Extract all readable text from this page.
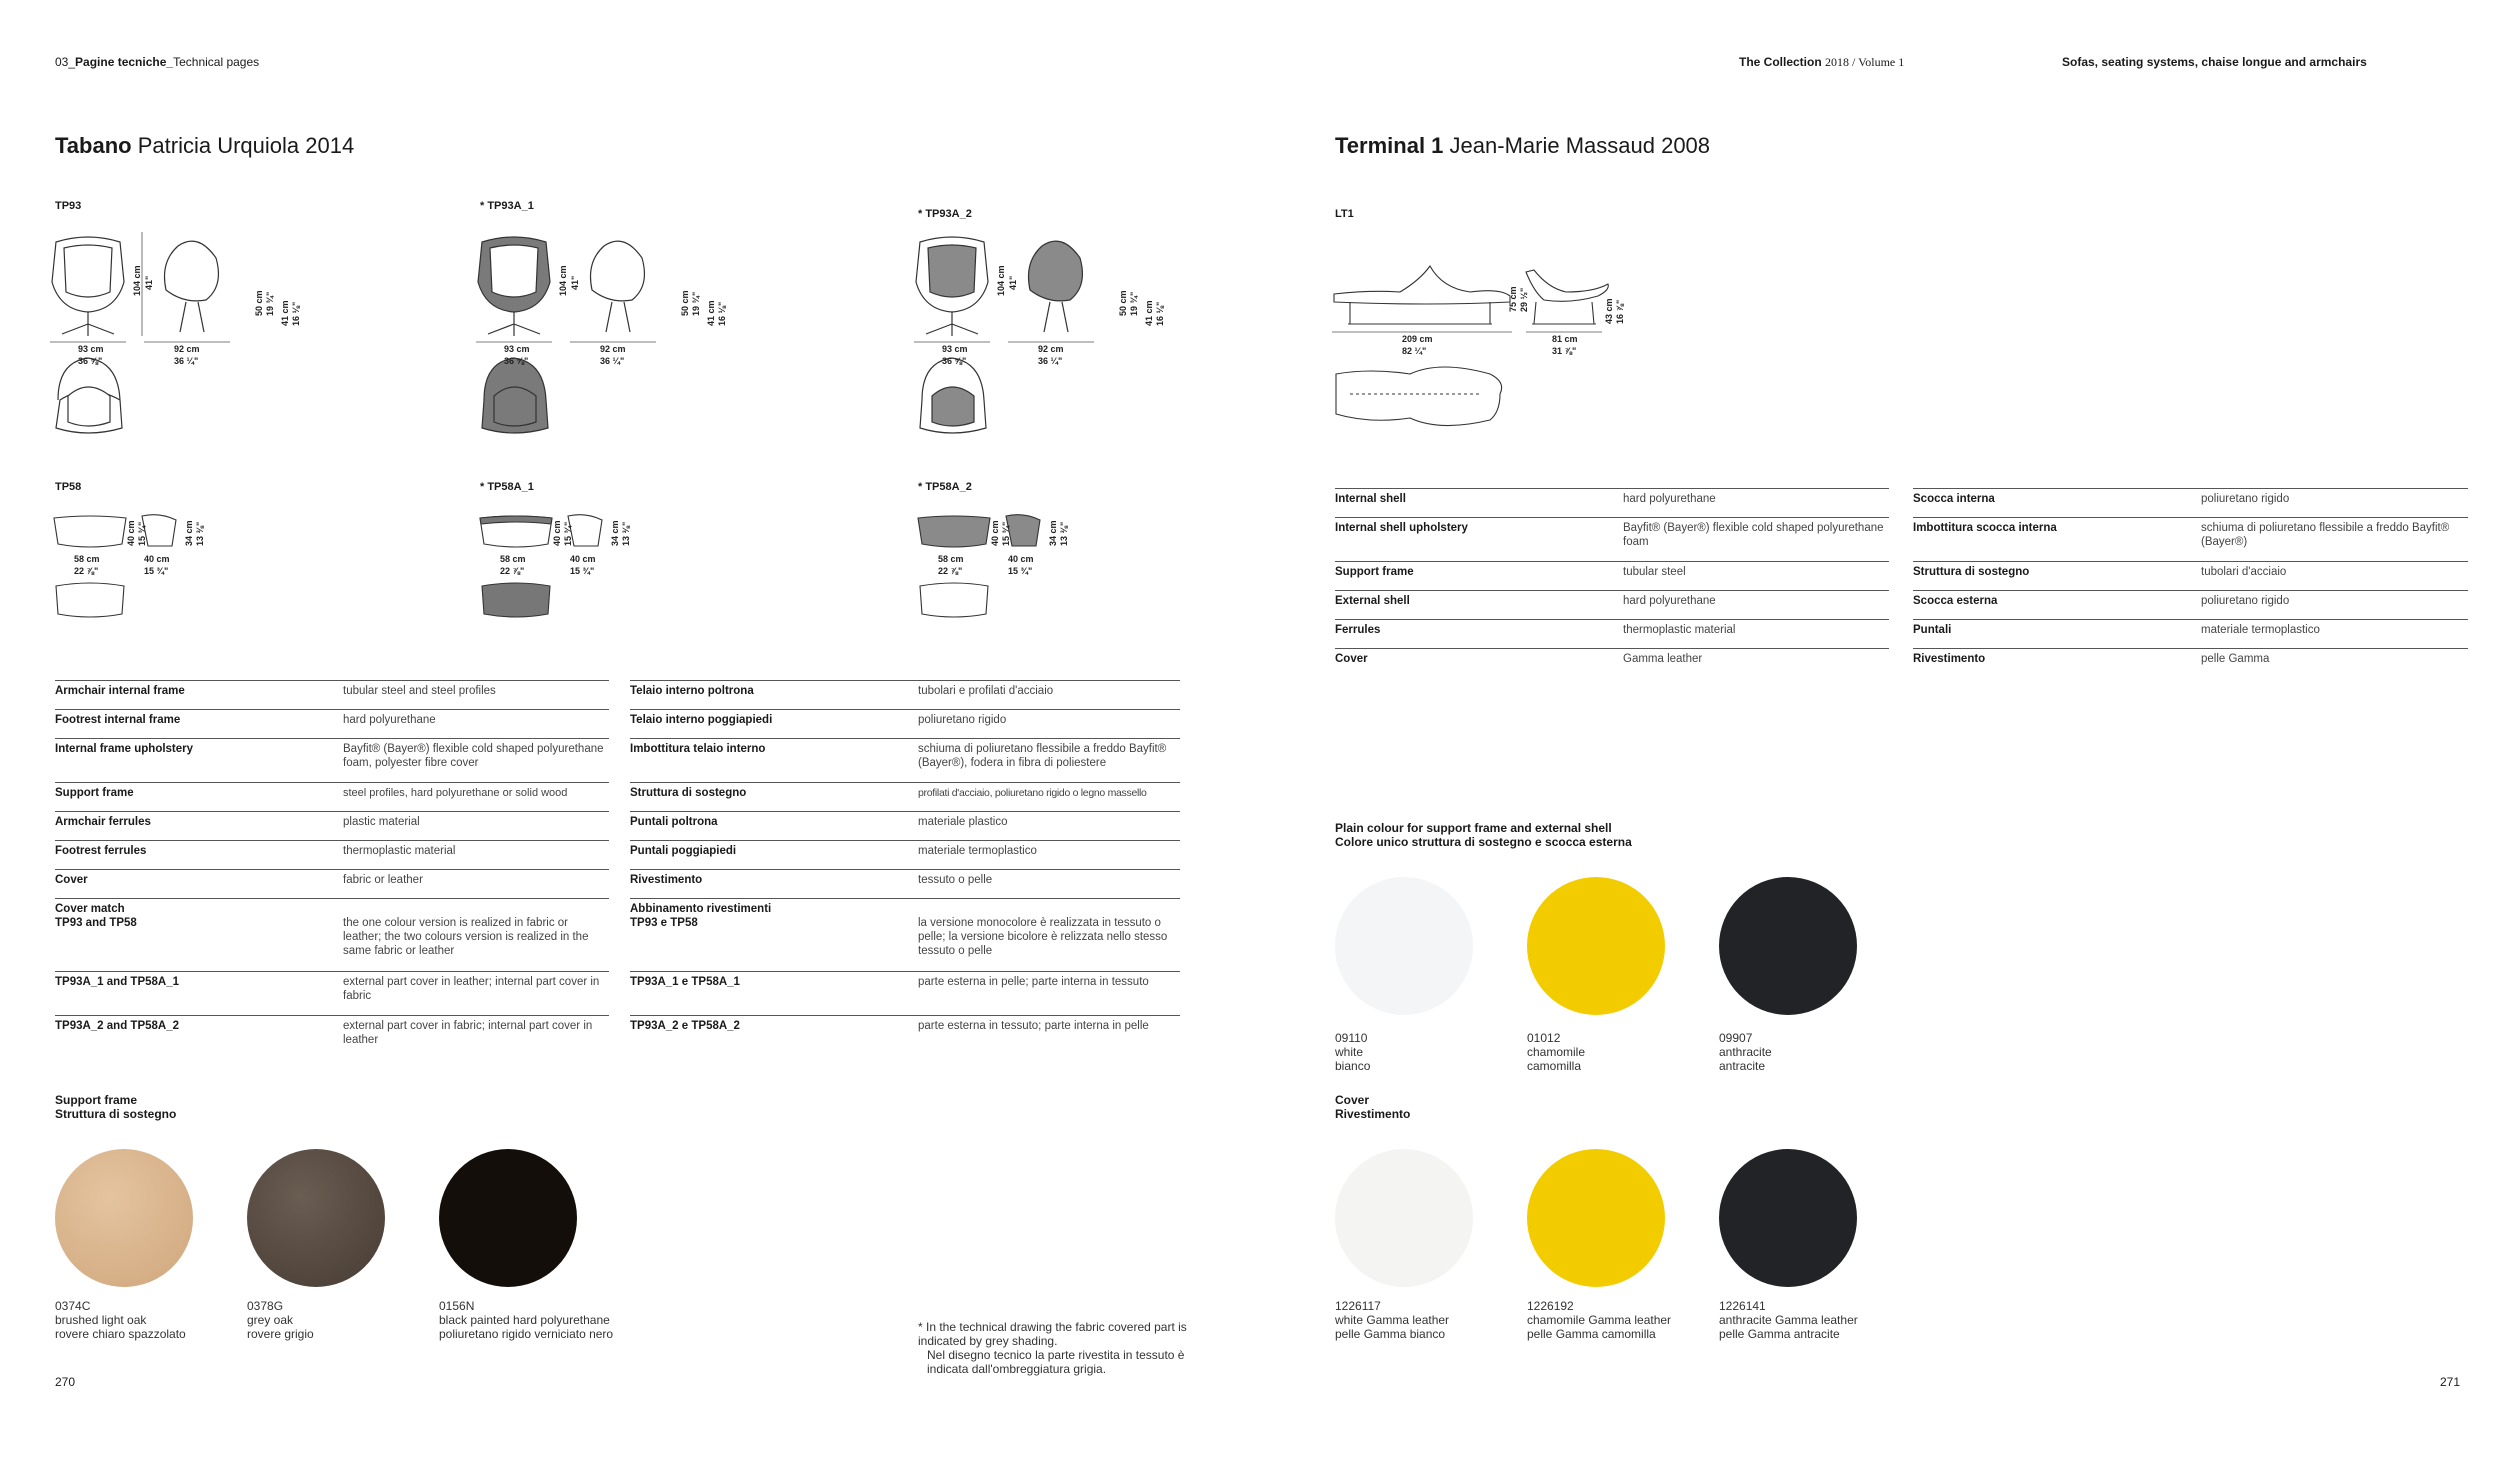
03_Pagine tecniche_Technical pages	The Collection 2018 / Volume 1	Sofas, seating systems, chaise longue and armchairs
Tabano Patricia Urquiola 2014
TP93	* TP93A_1
* TP93A_2
TP58	* TP58A_1	* TP58A_2
93 cm
36 ⅝"
92 cm
36 ¼"
104 cm 41"
50 cm 19 ¾" 41 cm 16 ⅛"
93 cm
36 ⅝"
92 cm
36 ¼"
104 cm 41"
50 cm 19 ¾" 41 cm 16 ⅛"
93 cm
36 ⅝"
92 cm
36 ¼"
104 cm 41"
50 cm 19 ¾" 41 cm 16 ⅛"
58 cm
22 ⅞"
40 cm
15 ¾"
40 cm 15 ¾"	34 cm 13 ⅜"
58 cm
22 ⅞"
40 cm
15 ¾"
40 cm 15 ¾"	34 cm 13 ⅜"
58 cm
22 ⅞"
40 cm
15 ¾"
40 cm 15 ¾"	34 cm 13 ⅜"
Armchair internal frame	tubular steel and steel profiles
Footrest internal frame	hard polyurethane
Internal frame upholstery	Bayfit® (Bayer®) flexible cold shaped polyurethane foam, polyester fibre cover
Support frame	steel profiles, hard polyurethane or solid wood
Armchair ferrules	plastic material
Footrest ferrules	thermoplastic material
Cover	fabric or leather
Cover match
TP93 and TP58	the one colour version is realized in fabric or leather; the two colours version is realized in the same fabric or leather
TP93A_1 and TP58A_1	external part cover in leather; internal part cover in fabric
TP93A_2 and TP58A_2	external part cover in fabric; internal part cover in leather
Telaio interno poltrona	tubolari e profilati d'acciaio
Telaio interno poggiapiedi	poliuretano rigido
Imbottitura telaio interno	schiuma di poliuretano flessibile a freddo Bayfit® (Bayer®), fodera in fibra di poliestere
Struttura di sostegno	profilati d'acciaio, poliuretano rigido o legno massello
Puntali poltrona	materiale plastico
Puntali poggiapiedi	materiale termoplastico
Rivestimento	tessuto o pelle
Abbinamento rivestimenti
TP93 e TP58	la versione monocolore è realizzata in tessuto o pelle; la versione bicolore è relizzata nello stesso tessuto o pelle
TP93A_1 e TP58A_1	parte esterna in pelle; parte interna in tessuto
TP93A_2 e TP58A_2	parte esterna in tessuto; parte interna in pelle
Support frame
Struttura di sostegno
0374C
brushed light oak
rovere chiaro spazzolato
0378G
grey oak
rovere grigio
0156N
black painted hard polyurethane
poliuretano rigido verniciato nero	* In the technical drawing the fabric covered part is indicated by grey shading.
Nel disegno tecnico la parte rivestita in tessuto è indicata dall'ombreggiatura grigia.
270
Terminal 1 Jean-Marie Massaud 2008
LT1
209 cm
82 ¼"
81 cm
31 ⅞"
75 cm 29 ½"	43 cm 16 ⅞"
Internal shell	hard polyurethane
Internal shell upholstery	Bayfit® (Bayer®) flexible cold shaped polyurethane foam
Support frame	tubular steel
External shell	hard polyurethane
Ferrules	thermoplastic material
Cover	Gamma leather
Scocca interna	poliuretano rigido
Imbottitura scocca interna	schiuma di poliuretano flessibile a freddo Bayfit® (Bayer®)
Struttura di sostegno	tubolari d'acciaio
Scocca esterna	poliuretano rigido
Puntali	materiale termoplastico
Rivestimento	pelle Gamma
Plain colour for support frame and external shell
Colore unico struttura di sostegno e scocca esterna
09110
white
bianco
01012
chamomile
camomilla
09907
anthracite
antracite
Cover
Rivestimento
1226117
white Gamma leather
pelle Gamma bianco
1226192
chamomile Gamma leather
pelle Gamma camomilla
1226141
anthracite Gamma leather
pelle Gamma antracite
271
